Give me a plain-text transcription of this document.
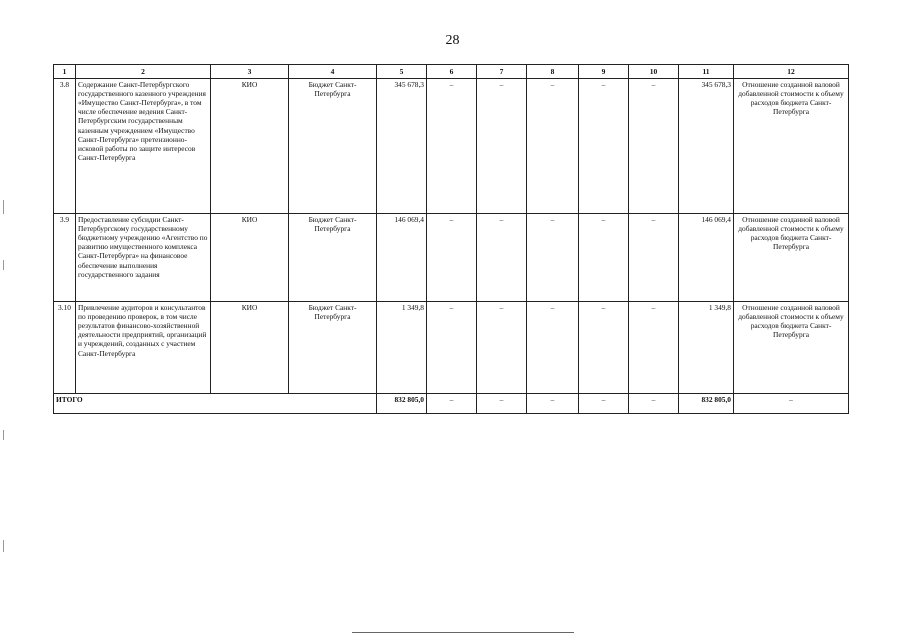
28
1	2	3	4	5	6	7	8	9	10	11	12
3.8	Содержание Санкт-Петербургского государственного казенного учреждения «Имущество Санкт-Петербурга», в том числе обеспечение ведения Санкт-Петербургским государственным казенным учреждением «Имущество Санкт-Петербурга» претензионно-исковой работы по защите интересов Санкт-Петербурга	КИО	Бюджет Санкт-Петербурга	345 678,3	–	–	–	–	–	345 678,3	Отношение созданной валовой добавленной стоимости к объему расходов бюджета Санкт-Петербурга
3.9	Предоставление субсидии Санкт-Петербургскому государственному бюджетному учреждению «Агентство по развитию имущественного комплекса Санкт-Петербурга» на финансовое обеспечение выполнения государственного задания	КИО	Бюджет Санкт-Петербурга	146 069,4	–	–	–	–	–	146 069,4	Отношение созданной валовой добавленной стоимости к объему расходов бюджета Санкт-Петербурга
3.10	Привлечение аудиторов и консультантов по проведению проверок, в том числе результатов финансово-хозяйственной деятельности предприятий, организаций и учреждений, созданных с участием Санкт-Петербурга	КИО	Бюджет Санкт-Петербурга	1 349,8	–	–	–	–	–	1 349,8	Отношение созданной валовой добавленной стоимости к объему расходов бюджета Санкт-Петербурга
ИТОГО				832 805,0	–	–	–	–	–	832 805,0	–
